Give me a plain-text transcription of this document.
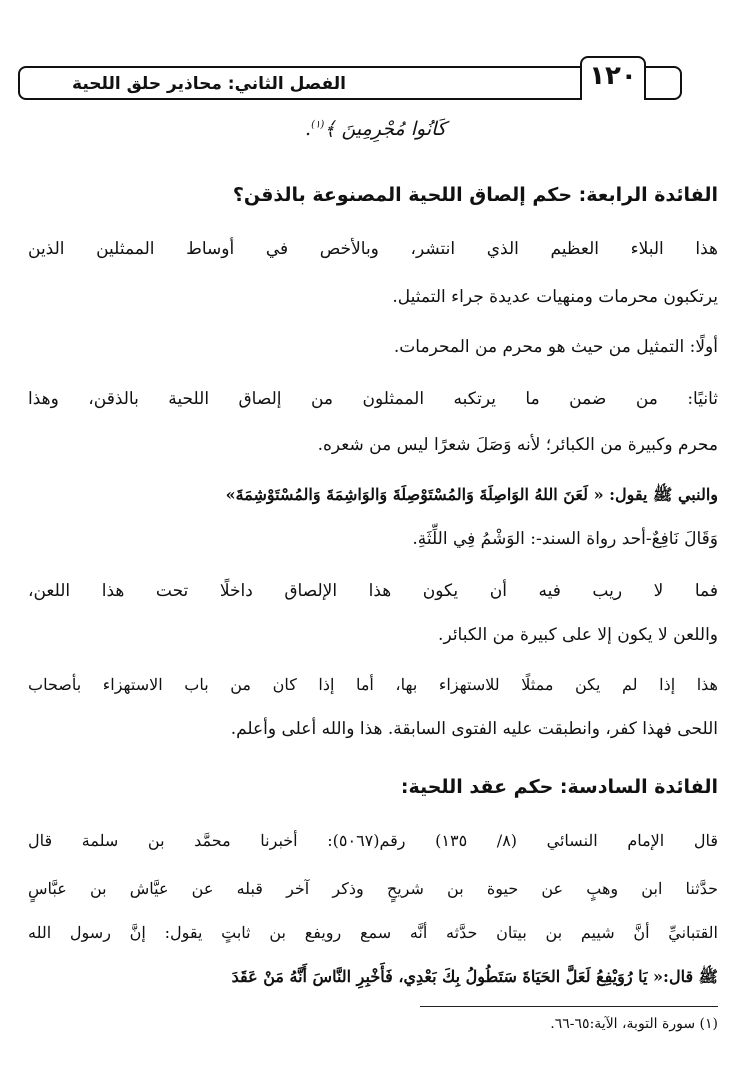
الفصل الثاني: محاذير حلق اللحية	١٢٠
كَانُوا مُجْرِمِينَ ﴾$^{(١)}$.
الفائدة الرابعة: حكم إلصاق اللحية المصنوعة بالذقن؟
هذا البلاء العظيم الذي انتشر، وبالأخص في أوساط الممثلين الذين
يرتكبون محرمات ومنهيات عديدة جراء التمثيل.
أولًا: التمثيل من حيث هو محرم من المحرمات.
ثانيًا: من ضمن ما يرتكبه الممثلون من إلصاق اللحية بالذقن، وهذا
محرم وكبيرة من الكبائر؛ لأنه وَصَلَ شعرًا ليس من شعره.
والنبي ﷺ يقول: « لَعَنَ اللهُ الوَاصِلَةَ وَالمُسْتَوْصِلَةَ وَالوَاشِمَةَ وَالمُسْتَوْشِمَةَ»
وَقَالَ نَافِعٌ-أحد رواة السند-: الوَشْمُ فِي اللِّثَةِ.
فما لا ريب فيه أن يكون هذا الإلصاق داخلًا تحت هذا اللعن،
واللعن لا يكون إلا على كبيرة من الكبائر.
هذا إذا لم يكن ممثلًا للاستهزاء بها، أما إذا كان من باب الاستهزاء بأصحاب
اللحى فهذا كفر، وانطبقت عليه الفتوى السابقة. هذا والله أعلى وأعلم.
الفائدة السادسة: حكم عقد اللحية:
قال الإمام النسائي (٨/ ١٣٥) رقم(٥٠٦٧): أخبرنا محمَّد بن سلمة قال
حدَّثنا ابن وهبٍ عن حيوة بن شريحٍ وذكر آخر قبله عن عيَّاش بن عبَّاسٍ
القتبانيِّ أنَّ شييم بن بيتان حدَّثه أنَّه سمع رويفع بن ثابتٍ يقول: إنَّ رسول الله
ﷺ قال:« يَا رُوَيْفِعُ لَعَلَّ الحَيَاةَ سَتَطُولُ بِكَ بَعْدِي، فَأَخْبِرِ النَّاسَ أَنَّهُ مَنْ عَقَدَ
(١) سورة التوبة، الآية:٦٥-٦٦.
